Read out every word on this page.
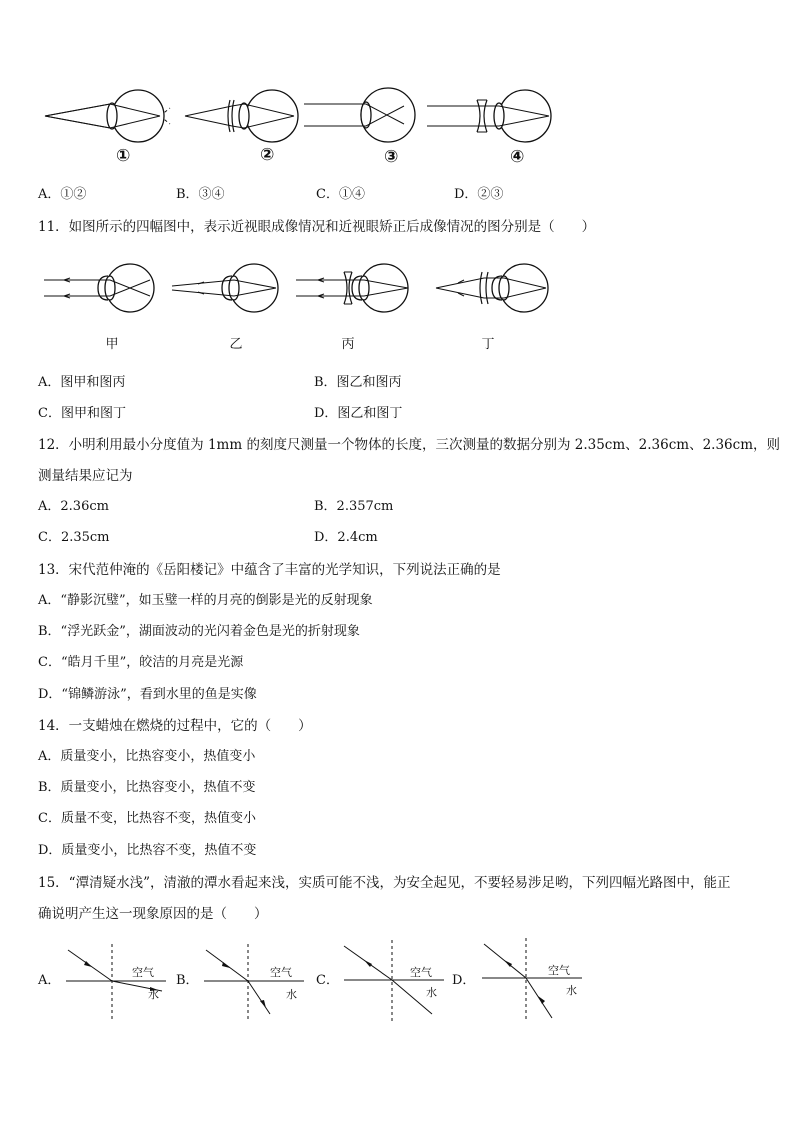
①	②	③	④
A．①②	B．③④	C．①④	D．②③
11．如图所示的四幅图中，表示近视眼成像情况和近视眼矫正后成像情况的图分别是（　　）
甲	乙	丙	丁
A．图甲和图丙	B．图乙和图丙
C．图甲和图丁	D．图乙和图丁
12．小明利用最小分度值为 1mm 的刻度尺测量一个物体的长度，三次测量的数据分别为 2.35cm、2.36cm、2.36cm，则
测量结果应记为
A．2.36cm	B．2.357cm
C．2.35cm	D．2.4cm
13．宋代范仲淹的《岳阳楼记》中蕴含了丰富的光学知识，下列说法正确的是
A．“静影沉璧”，如玉璧一样的月亮的倒影是光的反射现象
B．“浮光跃金”，湖面波动的光闪着金色是光的折射现象
C．“皓月千里”，皎洁的月亮是光源
D．“锦鳞游泳”，看到水里的鱼是实像
14．一支蜡烛在燃烧的过程中，它的（　　）
A．质量变小，比热容变小，热值变小
B．质量变小，比热容变小，热值不变
C．质量不变，比热容不变，热值变小
D．质量变小，比热容不变，热值不变
15．“潭清疑水浅”，清澈的潭水看起来浅，实质可能不浅，为安全起见，不要轻易涉足哟，下列四幅光路图中，能正
确说明产生这一现象原因的是（　　）
A．
空气
水
B．
空气
水
C．
空气
水
D．
空气
水
